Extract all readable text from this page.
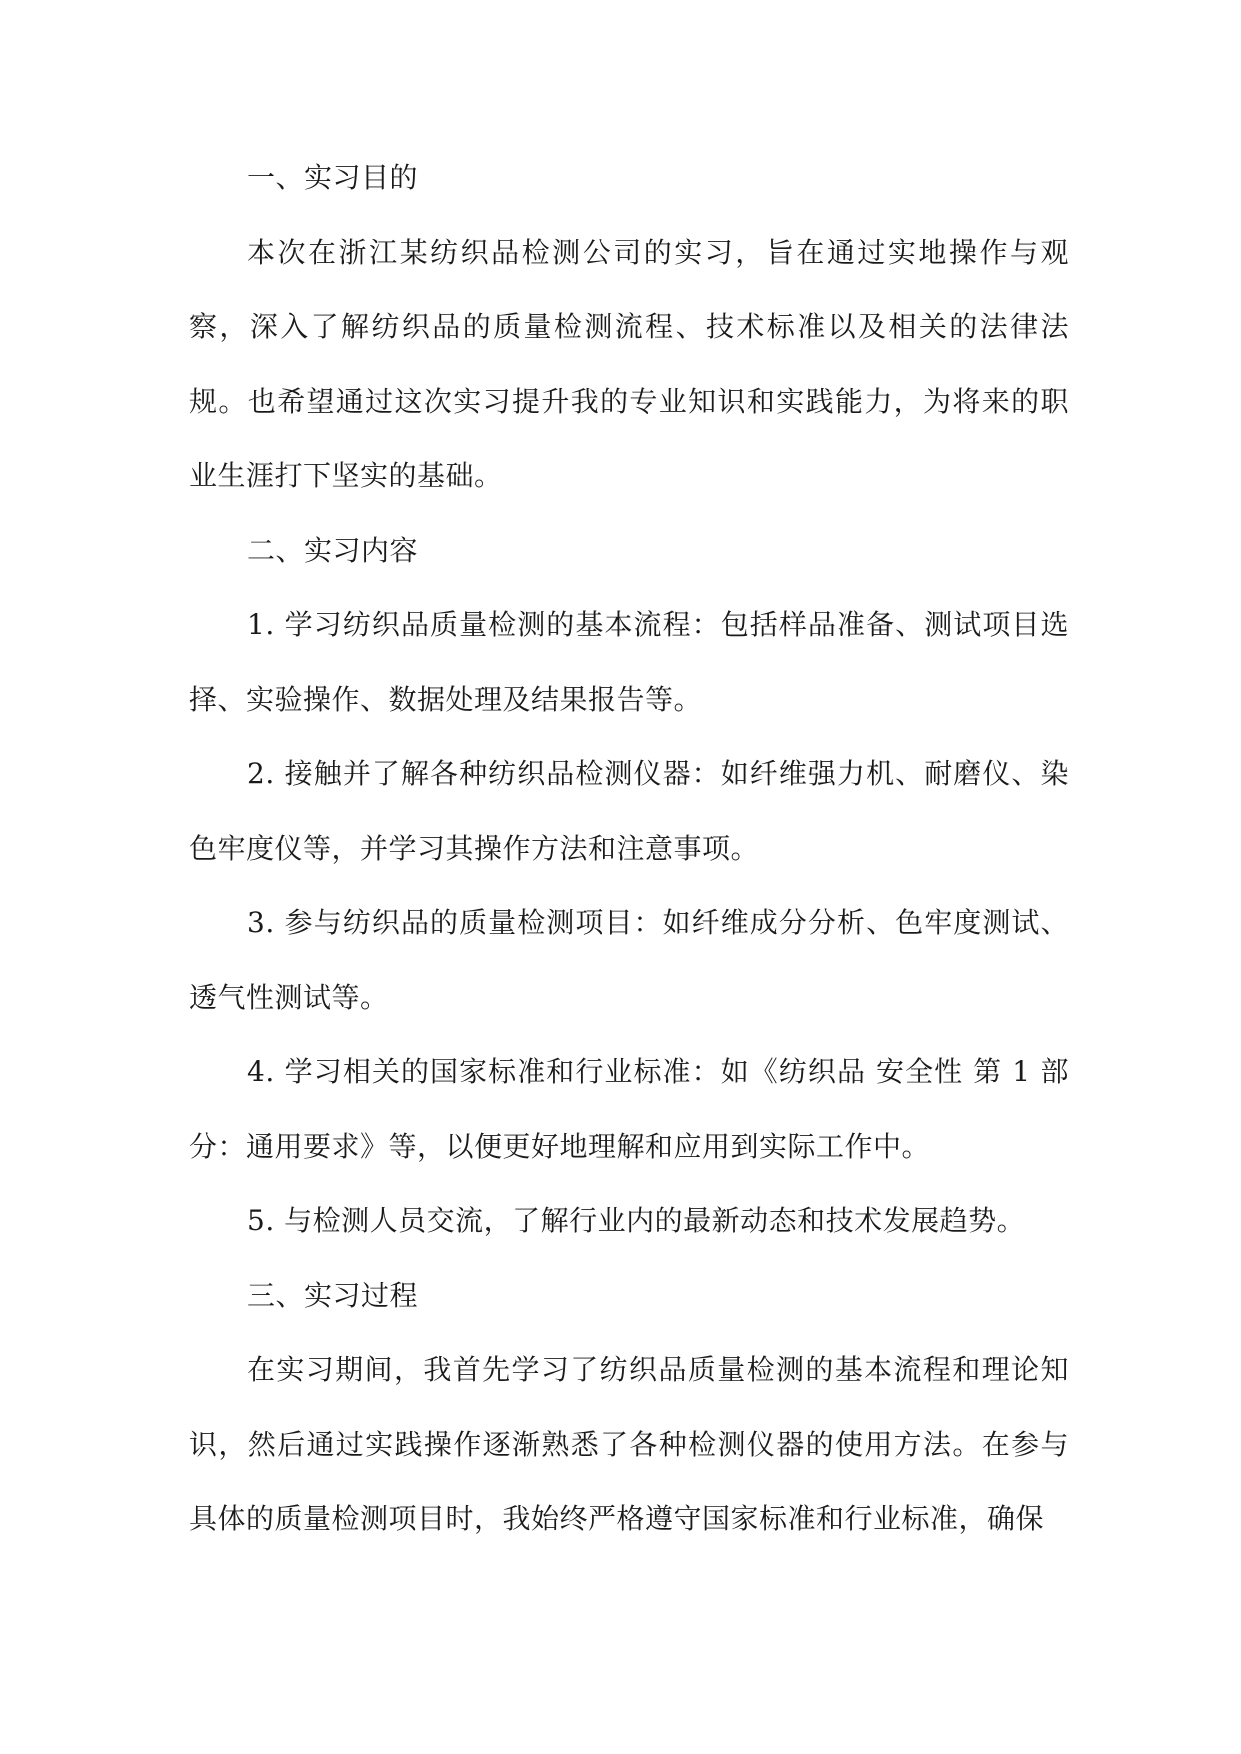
一、实习目的

本次在浙江某纺织品检测公司的实习，旨在通过实地操作与观察，深入了解纺织品的质量检测流程、技术标准以及相关的法律法规。也希望通过这次实习提升我的专业知识和实践能力，为将来的职业生涯打下坚实的基础。

二、实习内容

1. 学习纺织品质量检测的基本流程：包括样品准备、测试项目选择、实验操作、数据处理及结果报告等。

2. 接触并了解各种纺织品检测仪器：如纤维强力机、耐磨仪、染色牢度仪等，并学习其操作方法和注意事项。

3. 参与纺织品的质量检测项目：如纤维成分分析、色牢度测试、透气性测试等。

4. 学习相关的国家标准和行业标准：如《纺织品 安全性 第 1 部分：通用要求》等，以便更好地理解和应用到实际工作中。

5. 与检测人员交流，了解行业内的最新动态和技术发展趋势。

三、实习过程

在实习期间，我首先学习了纺织品质量检测的基本流程和理论知识，然后通过实践操作逐渐熟悉了各种检测仪器的使用方法。在参与具体的质量检测项目时，我始终严格遵守国家标准和行业标准，确保
